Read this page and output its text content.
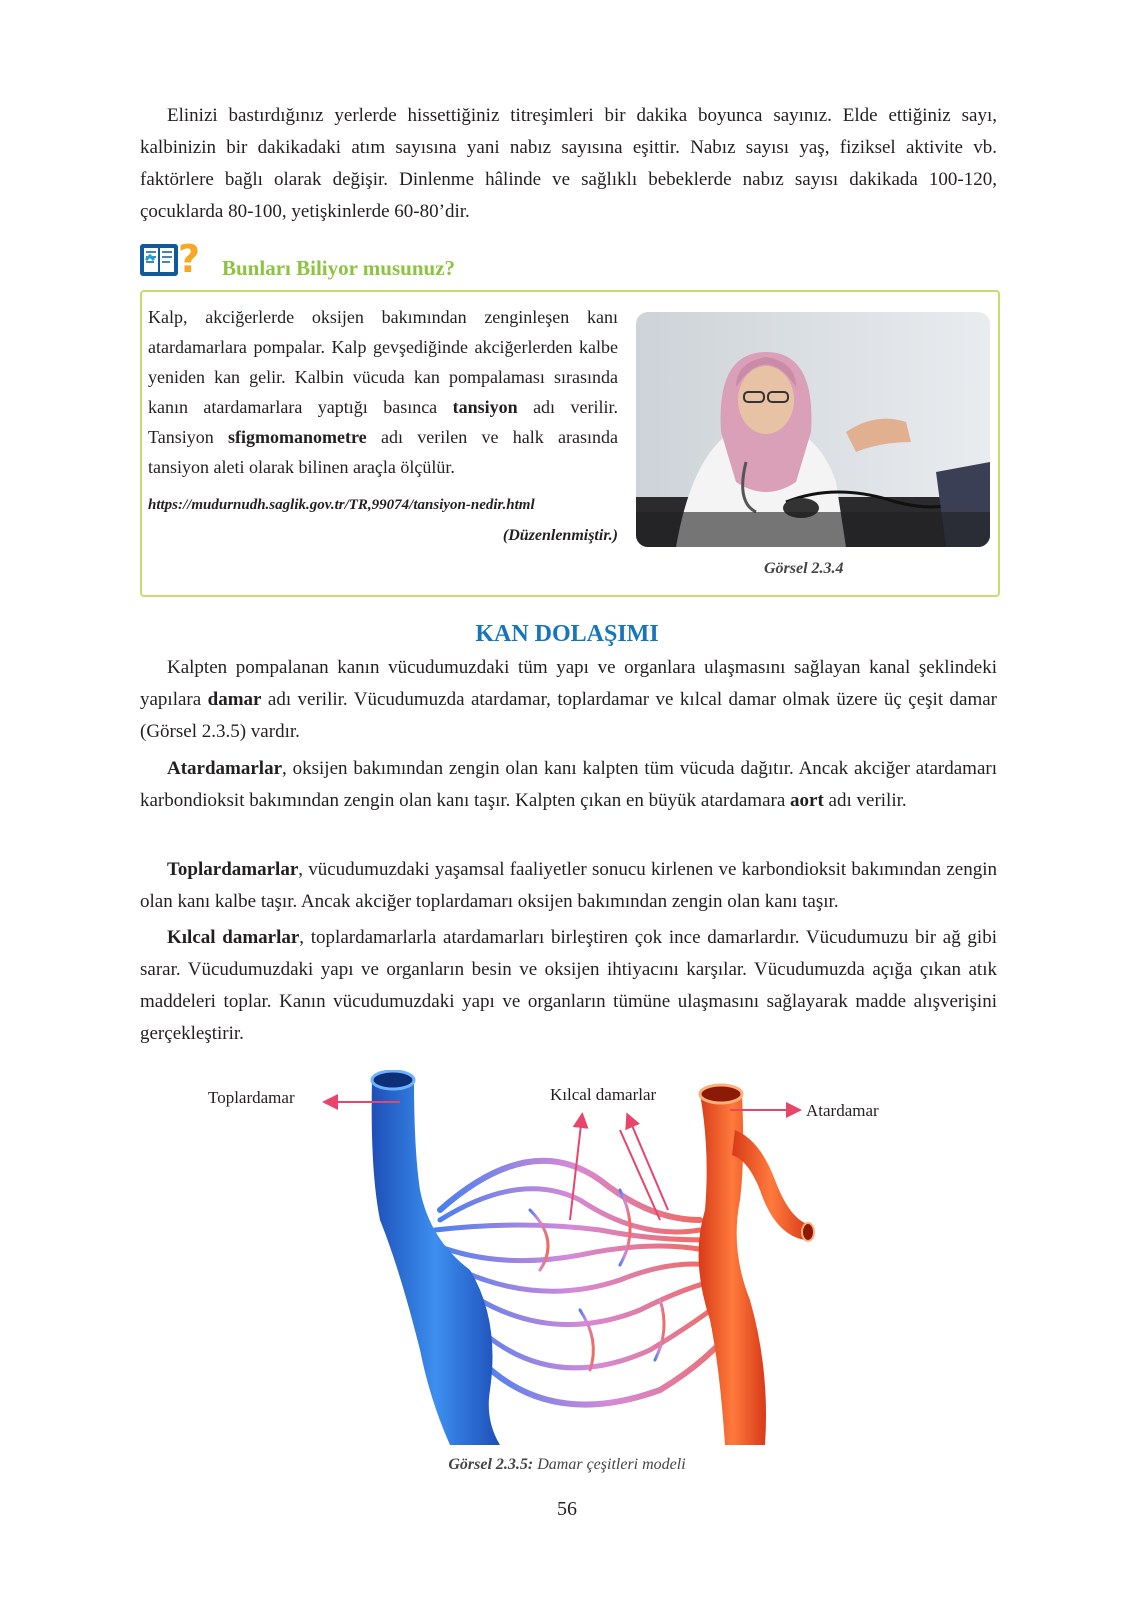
Elinizi bastırdığınız yerlerde hissettiğiniz titreşimleri bir dakika boyunca sayınız. Elde ettiğiniz sayı, kalbinizin bir dakikadaki atım sayısına yani nabız sayısına eşittir. Nabız sayısı yaş, fiziksel aktivite vb. faktörlere bağlı olarak değişir. Dinlenme hâlinde ve sağlıklı bebeklerde nabız sayısı dakikada 100-120, çocuklarda 80-100, yetişkinlerde 60-80’dir.

? Bunları Biliyor musunuz?

Kalp, akciğerlerde oksijen bakımından zenginleşen kanı atardamarlara pompalar. Kalp gevşediğinde akciğerlerden kalbe yeniden kan gelir. Kalbin vücuda kan pompalaması sırasında kanın atardamarlara yaptığı basınca tansiyon adı verilir. Tansiyon sfigmomanometre adı verilen ve halk arasında tansiyon aleti olarak bilinen araçla ölçülür.

https://mudurnudh.saglik.gov.tr/TR,99074/tansiyon-nedir.html
(Düzenlenmiştir.)
Görsel 2.3.4
KAN DOLAŞIMI

Kalpten pompalanan kanın vücudumuzdaki tüm yapı ve organlara ulaşmasını sağlayan kanal şeklindeki yapılara damar adı verilir. Vücudumuzda atardamar, toplardamar ve kılcal damar olmak üzere üç çeşit damar (Görsel 2.3.5) vardır.

Atardamarlar, oksijen bakımından zengin olan kanı kalpten tüm vücuda dağıtır. Ancak akciğer atardamarı karbondioksit bakımından zengin olan kanı taşır. Kalpten çıkan en büyük atardamara aort adı verilir.

Toplardamarlar, vücudumuzdaki yaşamsal faaliyetler sonucu kirlenen ve karbondioksit bakımından zengin olan kanı kalbe taşır. Ancak akciğer toplardamarı oksijen bakımından zengin olan kanı taşır.

Kılcal damarlar, toplardamarlarla atardamarları birleştiren çok ince damarlardır. Vücudumuzu bir ağ gibi sarar. Vücudumuzdaki yapı ve organların besin ve oksijen ihtiyacını karşılar. Vücudumuzda açığa çıkan atık maddeleri toplar. Kanın vücudumuzdaki yapı ve organların tümüne ulaşmasını sağlayarak madde alışverişini gerçekleştirir.

Toplardamar	Kılcal damarlar
Atardamar
Görsel 2.3.5: Damar çeşitleri modeli
56
